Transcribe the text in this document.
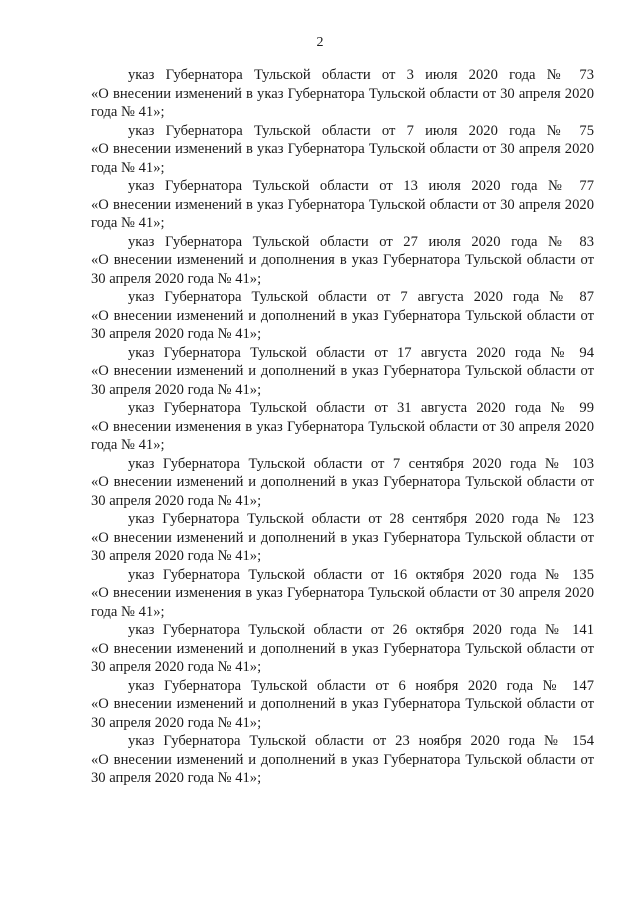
2

указ Губернатора Тульской области от 3 июля 2020 года № 73
«О внесении изменений в указ Губернатора Тульской области от 30 апреля 2020 года № 41»;

указ Губернатора Тульской области от 7 июля 2020 года № 75
«О внесении изменений в указ Губернатора Тульской области от 30 апреля 2020 года № 41»;

указ Губернатора Тульской области от 13 июля 2020 года № 77
«О внесении изменений в указ Губернатора Тульской области от 30 апреля 2020 года № 41»;

указ Губернатора Тульской области от 27 июля 2020 года № 83
«О внесении изменений и дополнения в указ Губернатора Тульской области от 30 апреля 2020 года № 41»;

указ Губернатора Тульской области от 7 августа 2020 года № 87
«О внесении изменений и дополнений в указ Губернатора Тульской области от 30 апреля 2020 года № 41»;

указ Губернатора Тульской области от 17 августа 2020 года № 94
«О внесении изменений и дополнений в указ Губернатора Тульской области от 30 апреля 2020 года № 41»;

указ Губернатора Тульской области от 31 августа 2020 года № 99
«О внесении изменения в указ Губернатора Тульской области от 30 апреля 2020 года № 41»;

указ Губернатора Тульской области от 7 сентября 2020 года № 103
«О внесении изменений и дополнений в указ Губернатора Тульской области от 30 апреля 2020 года № 41»;

указ Губернатора Тульской области от 28 сентября 2020 года № 123
«О внесении изменений и дополнений в указ Губернатора Тульской области от 30 апреля 2020 года № 41»;

указ Губернатора Тульской области от 16 октября 2020 года № 135
«О внесении изменения в указ Губернатора Тульской области от 30 апреля 2020 года № 41»;

указ Губернатора Тульской области от 26 октября 2020 года № 141
«О внесении изменений и дополнений в указ Губернатора Тульской области от 30 апреля 2020 года № 41»;

указ Губернатора Тульской области от 6 ноября 2020 года № 147
«О внесении изменений и дополнений в указ Губернатора Тульской области от 30 апреля 2020 года № 41»;

указ Губернатора Тульской области от 23 ноября 2020 года № 154
«О внесении изменений и дополнений в указ Губернатора Тульской области от 30 апреля 2020 года № 41»;
